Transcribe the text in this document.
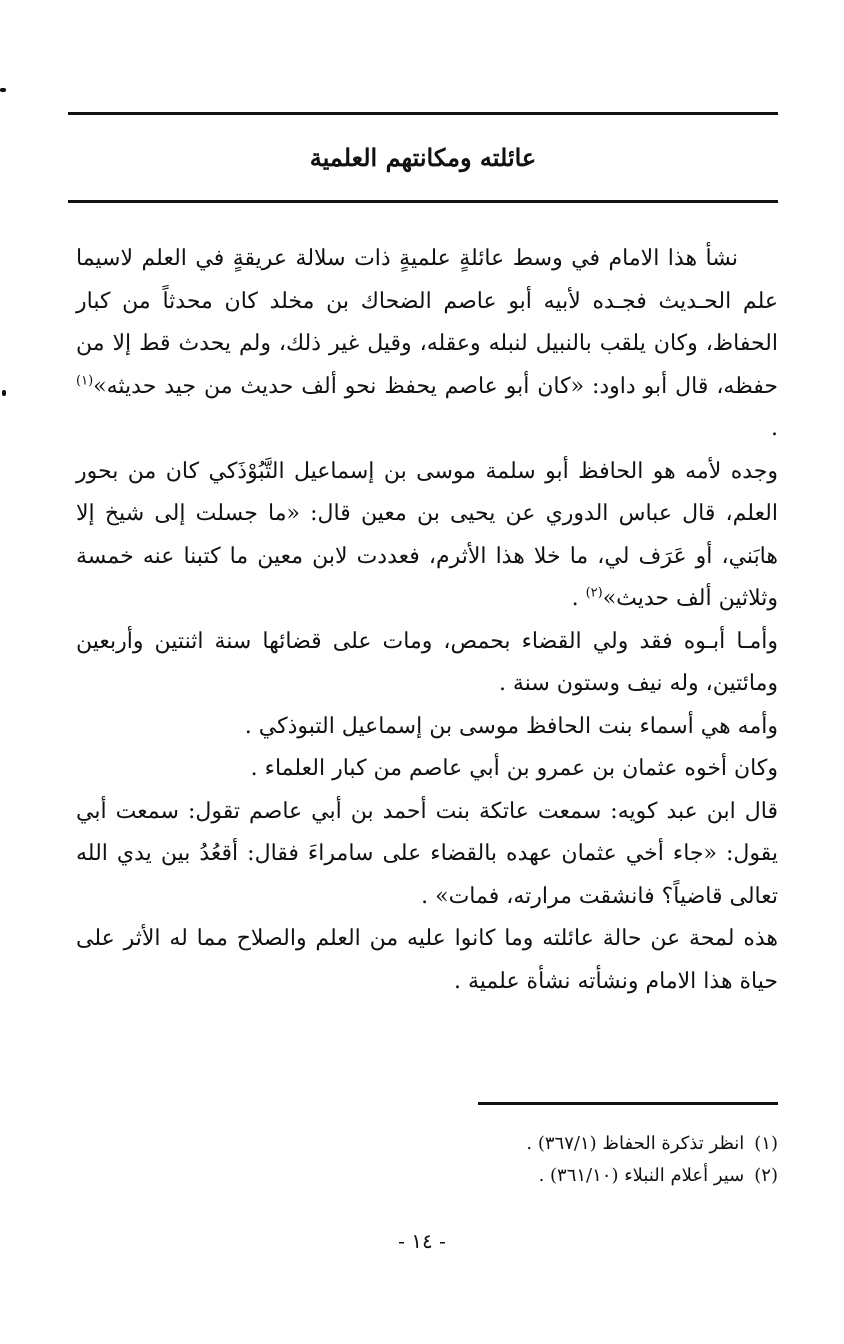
عائلته ومكانتهم العلمية

نشأ هذا الامام في وسط عائلةٍ علميةٍ ذات سلالة عريقةٍ في العلم لاسيما علم الحـديث فجـده لأبيه أبو عاصم الضحاك بن مخلد كان محدثاً من كبار الحفاظ، وكان يلقب بالنبيل لنبله وعقله، وقيل غير ذلك، ولم يحدث قط إلا من حفظه، قال أبو داود: «كان أبو عاصم يحفظ نحو ألف حديث من جيد حديثه»$^{(١)}$ .

وجده لأمه هو الحافظ أبو سلمة موسى بن إسماعيل التَّبُوْذَكي كان من بحور العلم، قال عباس الدوري عن يحيى بن معين قال: «ما جسلت إلى شيخ إلا هابَني، أو عَرَف لي، ما خلا هذا الأثرم، فعددت لابن معين ما كتبنا عنه خمسة وثلاثين ألف حديث»$^{(٢)}$ .

وأمـا أبـوه فقد ولي القضاء بحمص، ومات على قضائها سنة اثنتين وأربعين ومائتين، وله نيف وستون سنة .

وأمه هي أسماء بنت الحافظ موسى بن إسماعيل التبوذكي .

وكان أخوه عثمان بن عمرو بن أبي عاصم من كبار العلماء .

قال ابن عبد كويه: سمعت عاتكة بنت أحمد بن أبي عاصم تقول: سمعت أبي يقول: «جاء أخي عثمان عهده بالقضاء على سامراءَ فقال: أقعُدُ بين يدي الله تعالى قاضياً؟ فانشقت مرارته، فمات» .

هذه لمحة عن حالة عائلته وما كانوا عليه من العلم والصلاح مما له الأثر على حياة هذا الامام ونشأته نشأة علمية .

(١)
انظر تذكرة الحفاظ (٣٦٧/١) .
(٢)
سير أعلام النبلاء (٣٦١/١٠) .
- ١٤ -
